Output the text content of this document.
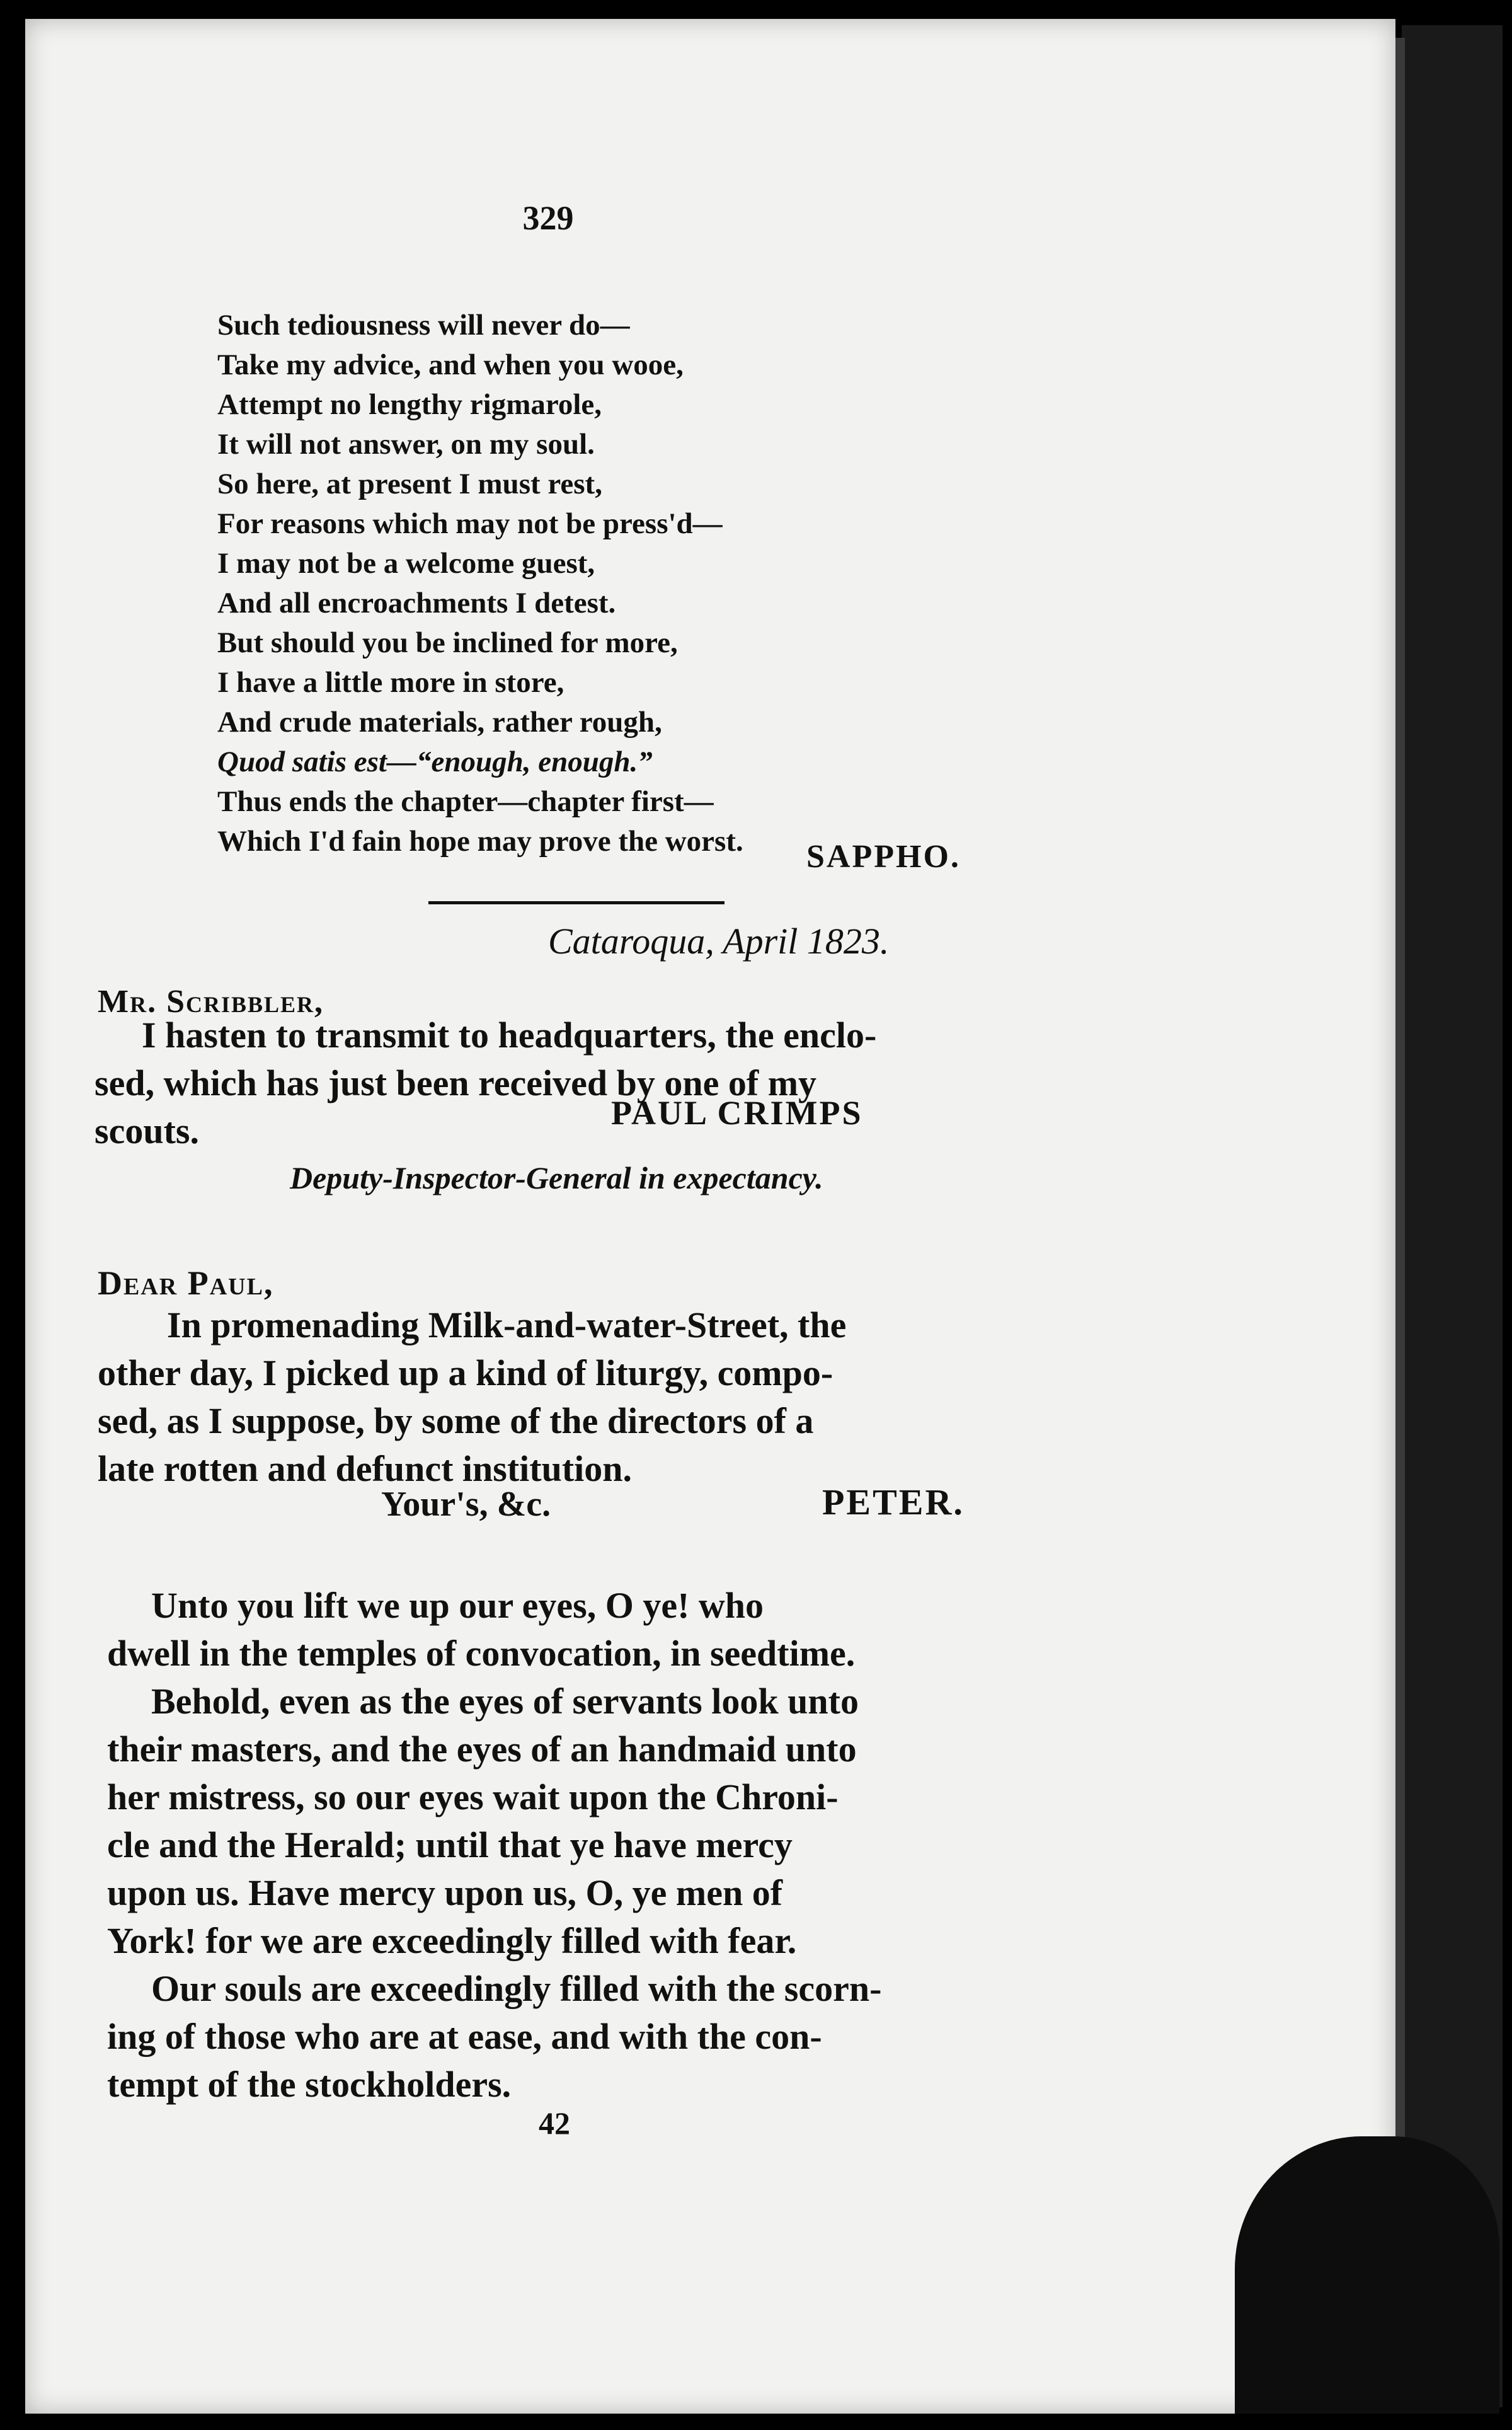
329
Such tediousness will never do—
Take my advice, and when you wooe,
Attempt no lengthy rigmarole,
It will not answer, on my soul.
So here, at present I must rest,
For reasons which may not be press'd—
I may not be a welcome guest,
And all encroachments I detest.
But should you be inclined for more,
I have a little more in store,
And crude materials, rather rough,
Quod satis est—“enough, enough.”
Thus ends the chapter—chapter first—
Which I'd fain hope may prove the worst.	SAPPHO.
Cataroqua, April 1823.
Mr. Scribbler,
I hasten to transmit to headquarters, the enclo-
sed, which has just been received by one of my
scouts.	PAUL CRIMPS
Deputy-Inspector-General in expectancy.
Dear Paul,
In promenading Milk-and-water-Street, the
other day, I picked up a kind of liturgy, compo-
sed, as I suppose, by some of the directors of a
late rotten and defunct institution.
Your's, &c.	PETER.
Unto you lift we up our eyes, O ye! who
dwell in the temples of convocation, in seedtime.
Behold, even as the eyes of servants look unto
their masters, and the eyes of an handmaid unto
her mistress, so our eyes wait upon the Chroni-
cle and the Herald; until that ye have mercy
upon us. Have mercy upon us, O, ye men of
York! for we are exceedingly filled with fear.
Our souls are exceedingly filled with the scorn-
ing of those who are at ease, and with the con-
tempt of the stockholders.
42
